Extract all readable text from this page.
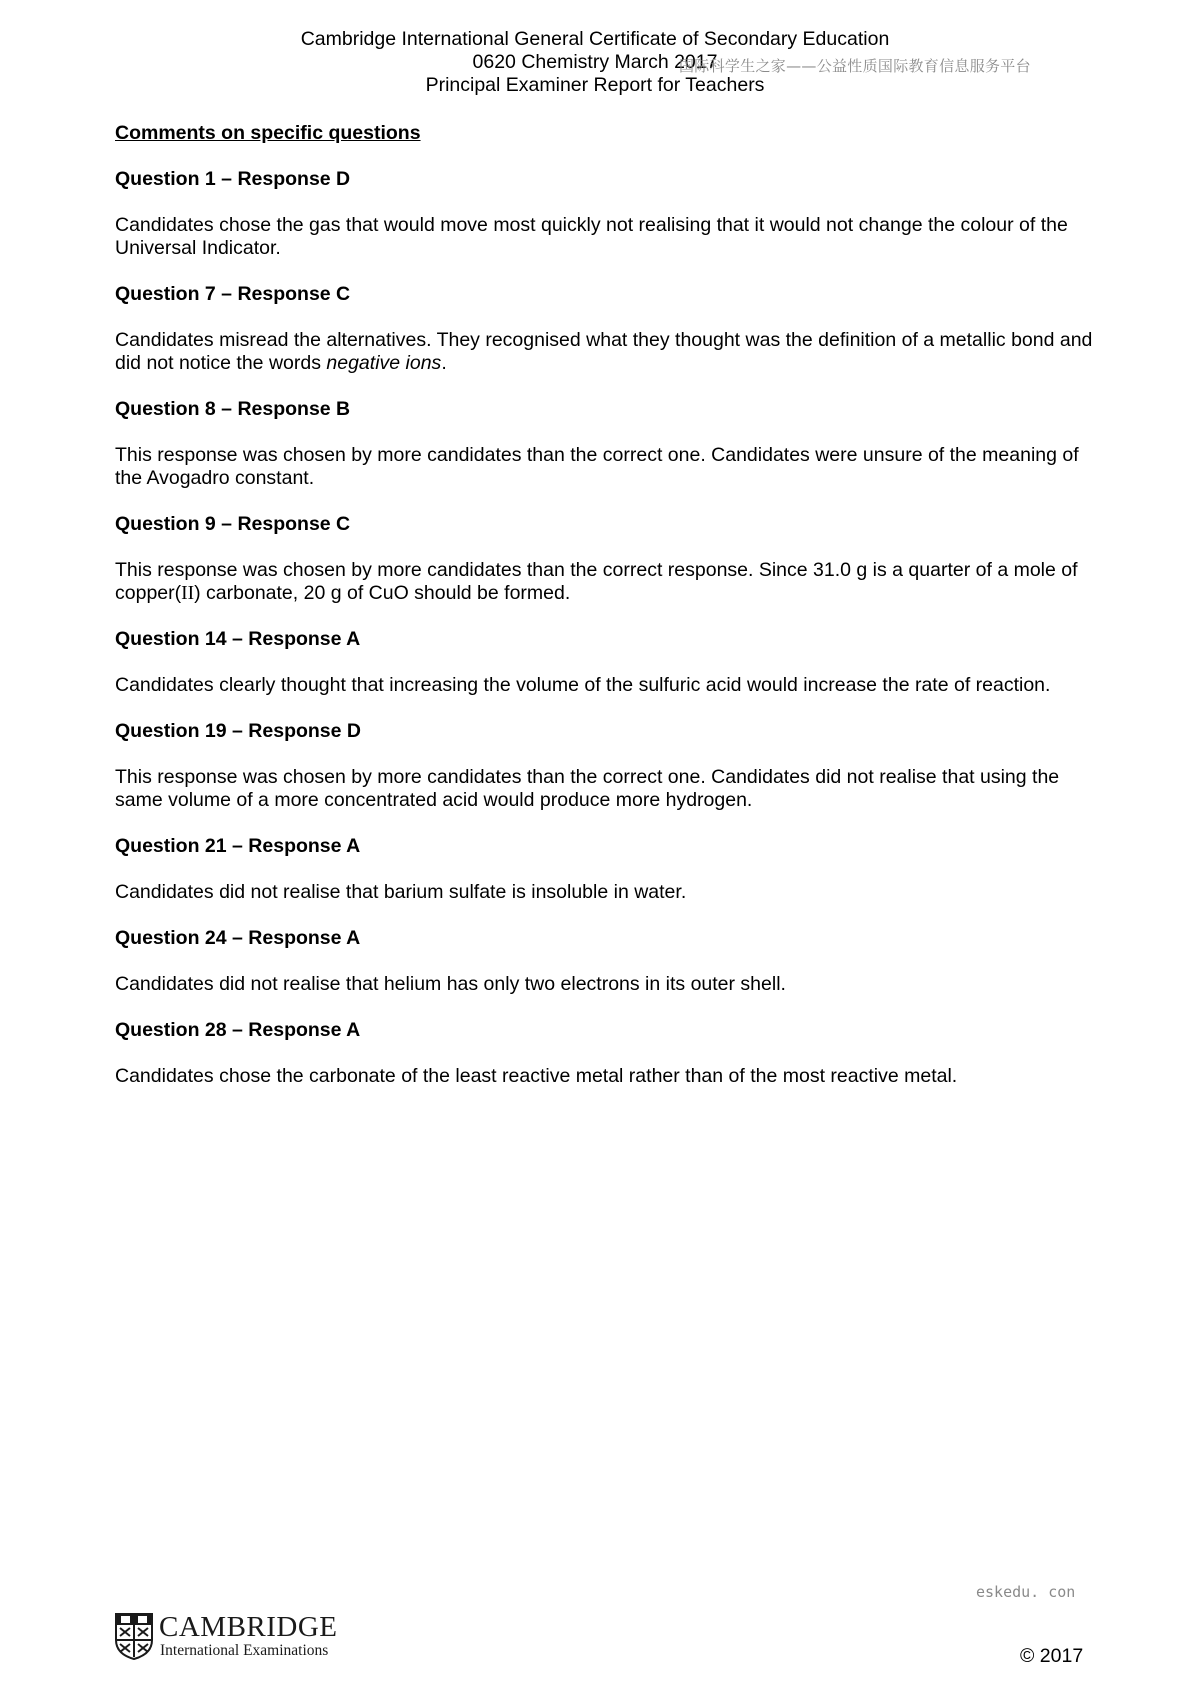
Cambridge International General Certificate of Secondary Education
0620 Chemistry March 2017
Principal Examiner Report for Teachers
国际科学生之家——公益性质国际教育信息服务平台
Comments on specific questions
Question 1 – Response D
Candidates chose the gas that would move most quickly not realising that it would not change the colour of the Universal Indicator.
Question 7 – Response C
Candidates misread the alternatives. They recognised what they thought was the definition of a metallic bond and did not notice the words negative ions.
Question 8 – Response B
This response was chosen by more candidates than the correct one. Candidates were unsure of the meaning of the Avogadro constant.
Question 9 – Response C
This response was chosen by more candidates than the correct response. Since 31.0 g is a quarter of a mole of copper(II) carbonate, 20 g of CuO should be formed.
Question 14 – Response A
Candidates clearly thought that increasing the volume of the sulfuric acid would increase the rate of reaction.
Question 19 – Response D
This response was chosen by more candidates than the correct one. Candidates did not realise that using the same volume of a more concentrated acid would produce more hydrogen.
Question 21 – Response A
Candidates did not realise that barium sulfate is insoluble in water.
Question 24 – Response A
Candidates did not realise that helium has only two electrons in its outer shell.
Question 28 – Response A
Candidates chose the carbonate of the least reactive metal rather than of the most reactive metal.
eskedu. con
CAMBRIDGE
International Examinations	© 2017
